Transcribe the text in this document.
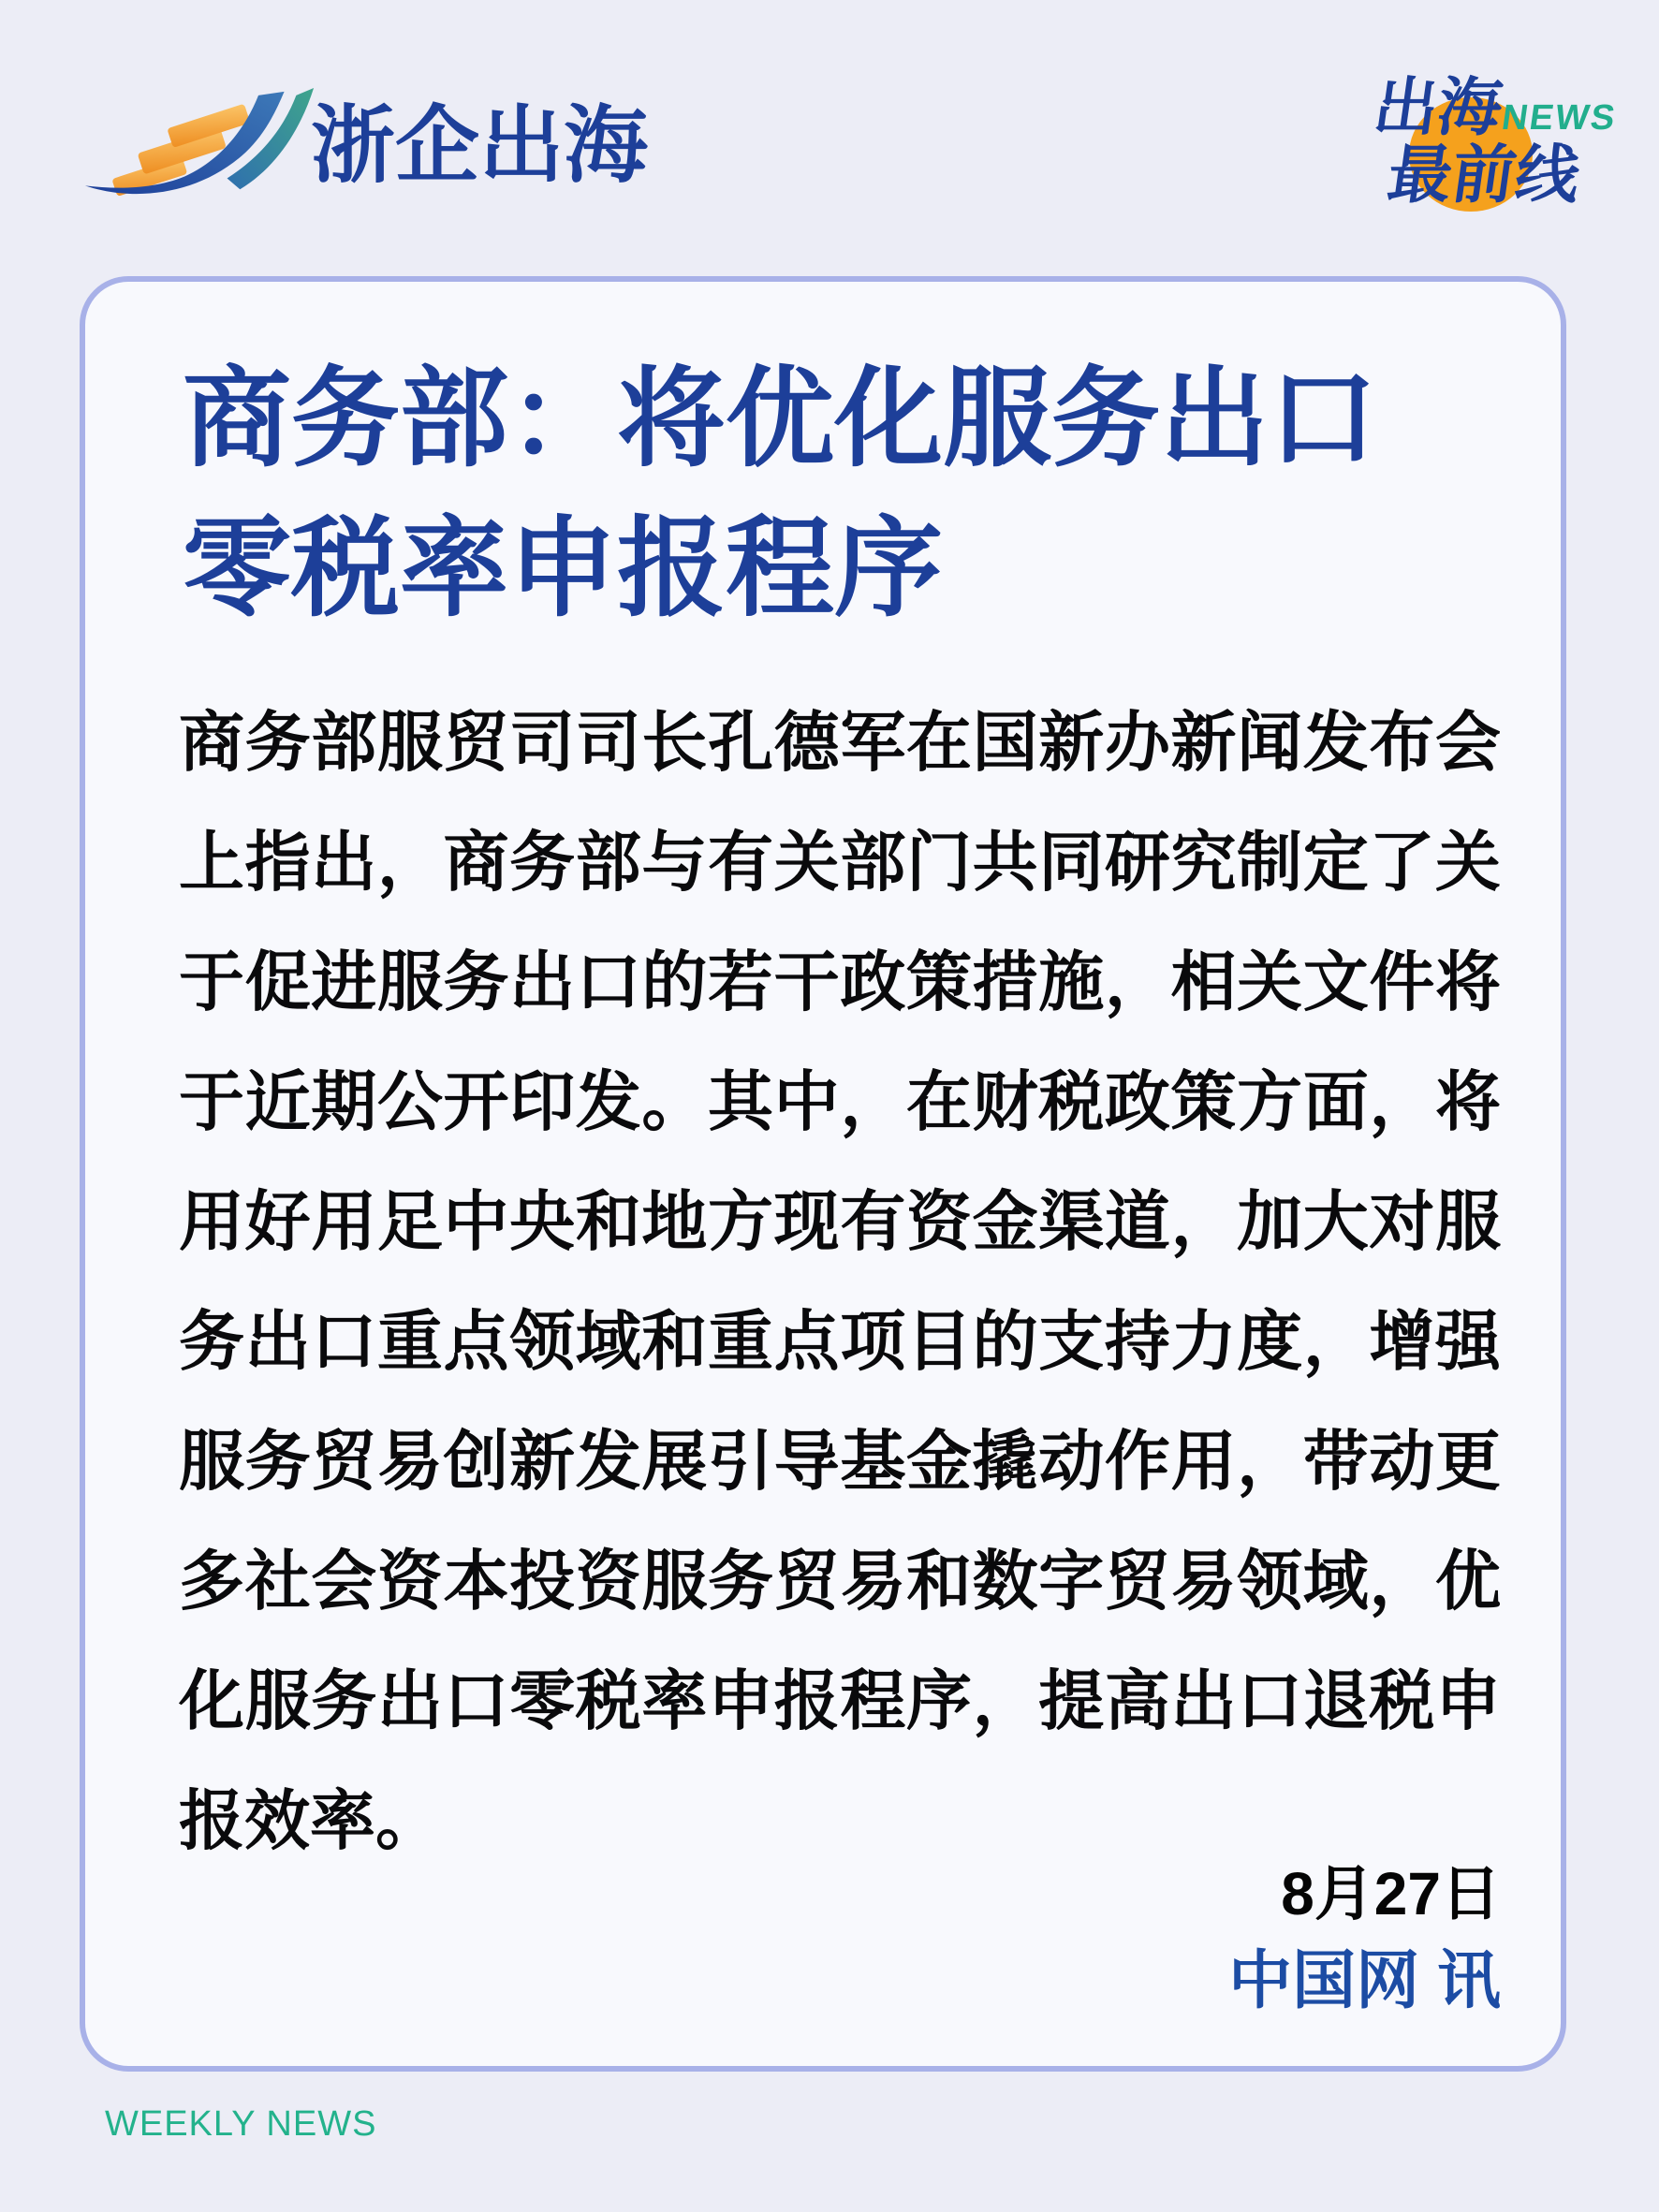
浙企出海	出海
NEWS
最前线
商务部：将优化服务出口
零税率申报程序
商务部服贸司司长孔德军在国新办新闻发布会
上指出，商务部与有关部门共同研究制定了关
于促进服务出口的若干政策措施，相关文件将
于近期公开印发。其中，在财税政策方面，将
用好用足中央和地方现有资金渠道，加大对服
务出口重点领域和重点项目的支持力度，增强
服务贸易创新发展引导基金撬动作用，带动更
多社会资本投资服务贸易和数字贸易领域，优
化服务出口零税率申报程序，提高出口退税申
报效率。
8月27日
中国网 讯
WEEKLY NEWS
